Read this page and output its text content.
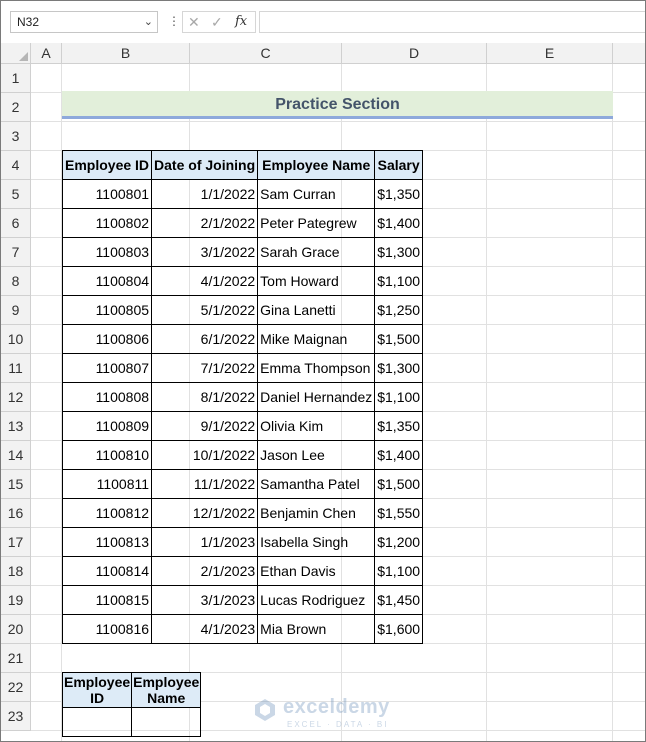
N32	⌄ ⋮ ✕ ✓ fx
A	B	C	D	E
1
2
3
4
5
6
7
8
9
10
11
12
13
14
15
16
17
18
19
20
21
22
23
Practice Section
Employee ID	Date of Joining	Employee Name	Salary
1100801	1/1/2022	Sam Curran	$1,350
1100802	2/1/2022	Peter Pategrew	$1,400
1100803	3/1/2022	Sarah Grace	$1,300
1100804	4/1/2022	Tom Howard	$1,100
1100805	5/1/2022	Gina Lanetti	$1,250
1100806	6/1/2022	Mike Maignan	$1,500
1100807	7/1/2022	Emma Thompson	$1,300
1100808	8/1/2022	Daniel Hernandez	$1,100
1100809	9/1/2022	Olivia Kim	$1,350
1100810	10/1/2022	Jason Lee	$1,400
1100811	11/1/2022	Samantha Patel	$1,500
1100812	12/1/2022	Benjamin Chen	$1,550
1100813	1/1/2023	Isabella Singh	$1,200
1100814	2/1/2023	Ethan Davis	$1,100
1100815	3/1/2023	Lucas Rodriguez	$1,450
1100816	4/1/2023	Mia Brown	$1,600
Employee ID	Employee Name
		exceldemy
EXCEL · DATA · BI
